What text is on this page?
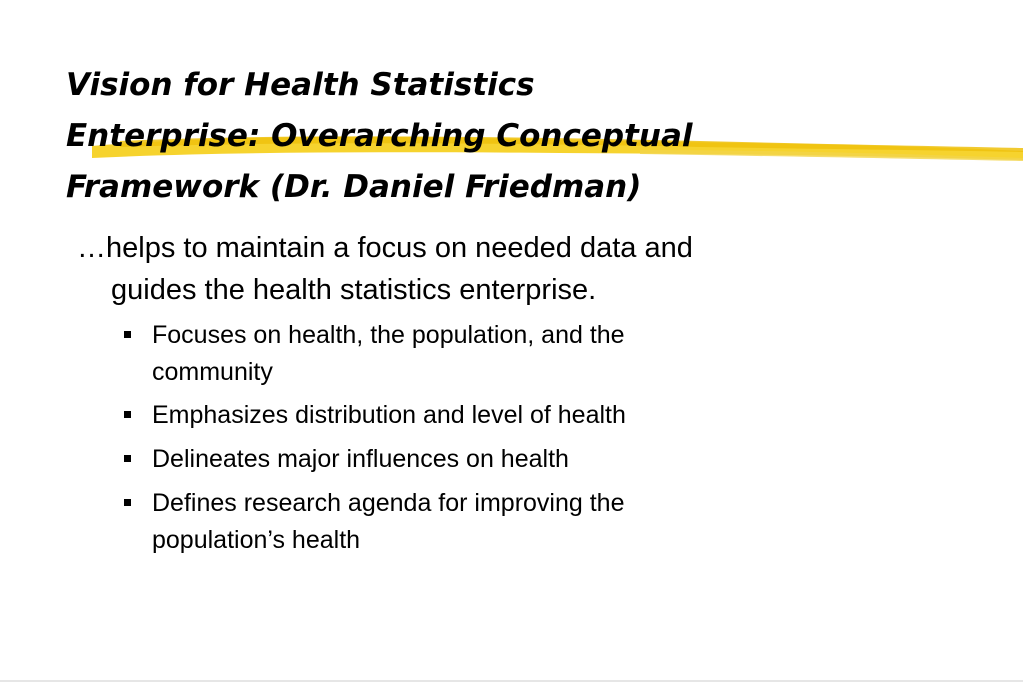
Vision for Health Statistics
Enterprise: Overarching Conceptual
Framework (Dr. Daniel Friedman)
…helps to maintain a focus on needed data and
guides the health statistics enterprise.
Focuses on health, the population, and the
community
Emphasizes distribution and level of health
Delineates major influences on health
Defines research agenda for improving the
population’s health
